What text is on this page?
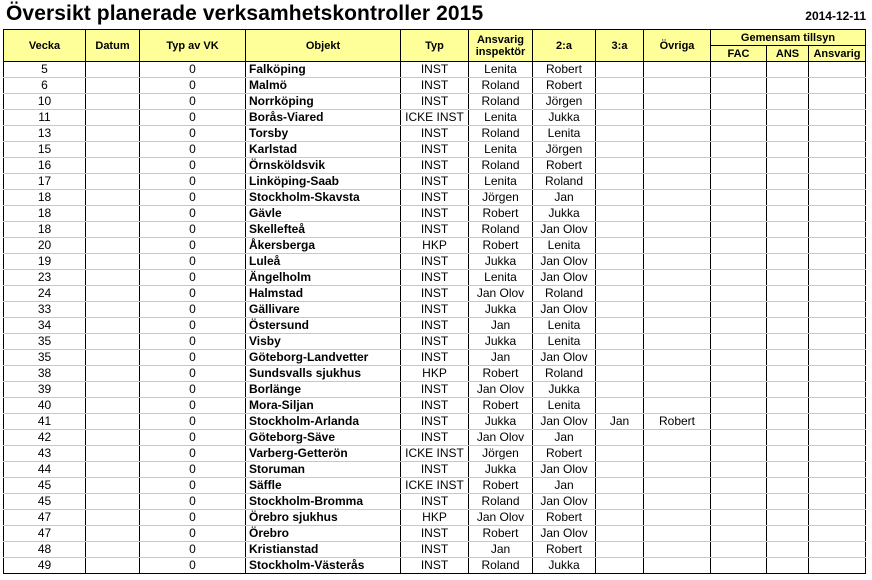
Översikt planerade verksamhetskontroller 2015	2014-12-11
Vecka	Datum	Typ av VK	Objekt	Typ	Ansvarig inspektör	2:a	3:a	Övriga	Gemensam tillsyn		
									FAC	ANS	Ansvarig
5		0	Falköping	INST	Lenita	Robert					
6		0	Malmö	INST	Roland	Robert					
10		0	Norrköping	INST	Roland	Jörgen					
11		0	Borås-Viared	ICKE INST	Lenita	Jukka					
13		0	Torsby	INST	Roland	Lenita					
15		0	Karlstad	INST	Lenita	Jörgen					
16		0	Örnsköldsvik	INST	Roland	Robert					
17		0	Linköping-Saab	INST	Lenita	Roland					
18		0	Stockholm-Skavsta	INST	Jörgen	Jan					
18		0	Gävle	INST	Robert	Jukka					
18		0	Skellefteå	INST	Roland	Jan Olov					
20		0	Åkersberga	HKP	Robert	Lenita					
19		0	Luleå	INST	Jukka	Jan Olov					
23		0	Ängelholm	INST	Lenita	Jan Olov					
24		0	Halmstad	INST	Jan Olov	Roland					
33		0	Gällivare	INST	Jukka	Jan Olov					
34		0	Östersund	INST	Jan	Lenita					
35		0	Visby	INST	Jukka	Lenita					
35		0	Göteborg-Landvetter	INST	Jan	Jan Olov					
38		0	Sundsvalls sjukhus	HKP	Robert	Roland					
39		0	Borlänge	INST	Jan Olov	Jukka					
40		0	Mora-Siljan	INST	Robert	Lenita					
41		0	Stockholm-Arlanda	INST	Jukka	Jan Olov	Jan	Robert			
42		0	Göteborg-Säve	INST	Jan Olov	Jan					
43		0	Varberg-Getterön	ICKE INST	Jörgen	Robert					
44		0	Storuman	INST	Jukka	Jan Olov					
45		0	Säffle	ICKE INST	Robert	Jan					
45		0	Stockholm-Bromma	INST	Roland	Jan Olov					
47		0	Örebro sjukhus	HKP	Jan Olov	Robert					
47		0	Örebro	INST	Robert	Jan Olov					
48		0	Kristianstad	INST	Jan	Robert					
49		0	Stockholm-Västerås	INST	Roland	Jukka					
